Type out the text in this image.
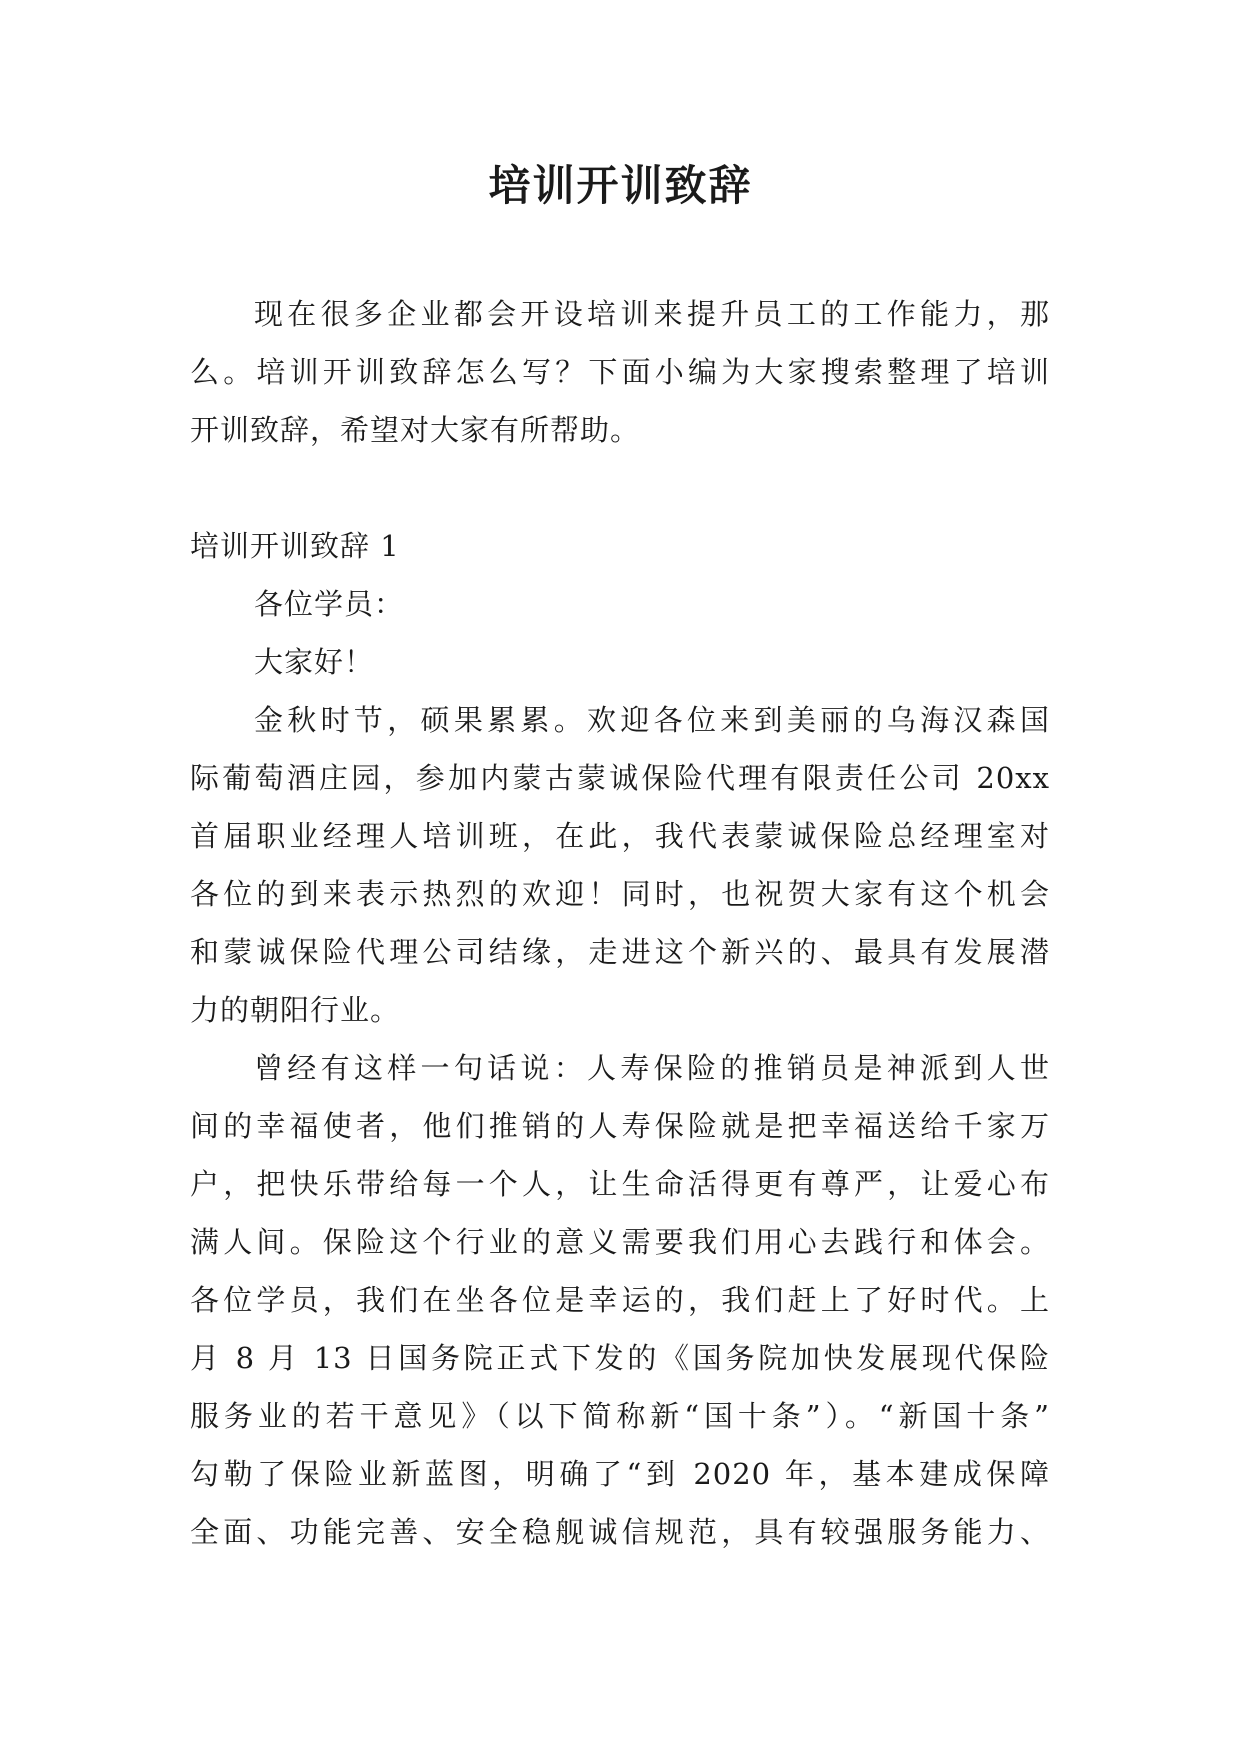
培训开训致辞
现在很多企业都会开设培训来提升员工的工作能力，那
么。培训开训致辞怎么写？下面小编为大家搜索整理了培训
开训致辞，希望对大家有所帮助。
培训开训致辞 1
各位学员：
大家好！
金秋时节，硕果累累。欢迎各位来到美丽的乌海汉森国
际葡萄酒庄园，参加内蒙古蒙诚保险代理有限责任公司 20xx
首届职业经理人培训班，在此，我代表蒙诚保险总经理室对
各位的到来表示热烈的欢迎！同时，也祝贺大家有这个机会
和蒙诚保险代理公司结缘，走进这个新兴的、最具有发展潜
力的朝阳行业。
曾经有这样一句话说：人寿保险的推销员是神派到人世
间的幸福使者，他们推销的人寿保险就是把幸福送给千家万
户，把快乐带给每一个人，让生命活得更有尊严，让爱心布
满人间。保险这个行业的意义需要我们用心去践行和体会。
各位学员，我们在坐各位是幸运的，我们赶上了好时代。上
月 8 月 13 日国务院正式下发的《国务院加快发展现代保险
服务业的若干意见》（以下简称新“国十条”）。“新国十条”
勾勒了保险业新蓝图，明确了“到 2020 年，基本建成保障
全面、功能完善、安全稳舰诚信规范，具有较强服务能力、
